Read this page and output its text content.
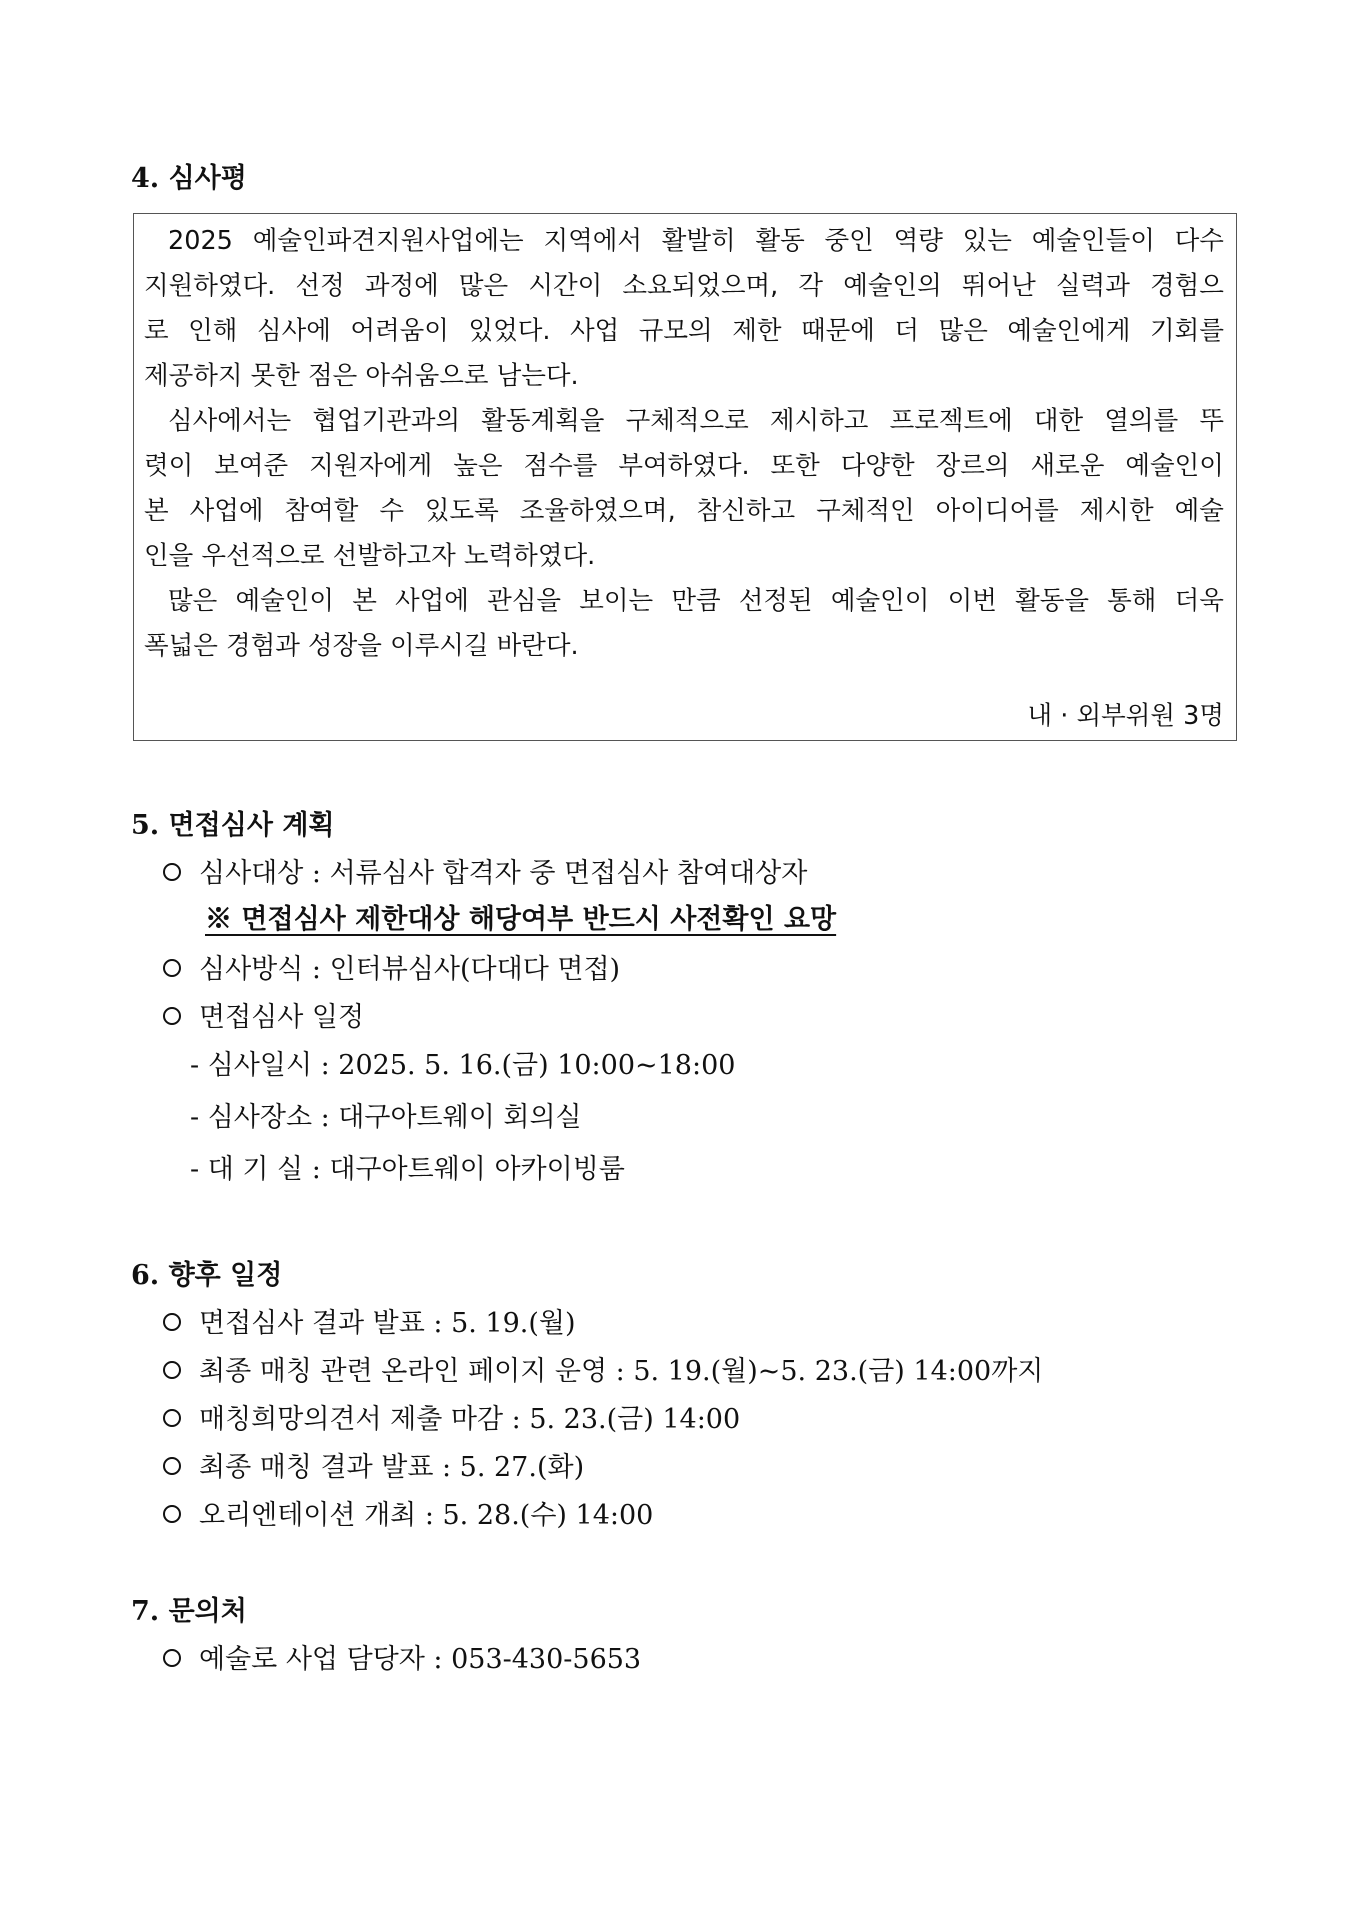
4. 심사평
2025 예술인파견지원사업에는 지역에서 활발히 활동 중인 역량 있는 예술인들이 다수
지원하였다. 선정 과정에 많은 시간이 소요되었으며, 각 예술인의 뛰어난 실력과 경험으
로 인해 심사에 어려움이 있었다. 사업 규모의 제한 때문에 더 많은 예술인에게 기회를
제공하지 못한 점은 아쉬움으로 남는다.
심사에서는 협업기관과의 활동계획을 구체적으로 제시하고 프로젝트에 대한 열의를 뚜
렷이 보여준 지원자에게 높은 점수를 부여하였다. 또한 다양한 장르의 새로운 예술인이
본 사업에 참여할 수 있도록 조율하였으며, 참신하고 구체적인 아이디어를 제시한 예술
인을 우선적으로 선발하고자 노력하였다.
많은 예술인이 본 사업에 관심을 보이는 만큼 선정된 예술인이 이번 활동을 통해 더욱
폭넓은 경험과 성장을 이루시길 바란다.

내 · 외부위원 3명

5. 면접심사 계획

심사대상 : 서류심사 합격자 중 면접심사 참여대상자

※ 면접심사 제한대상 해당여부 반드시 사전확인 요망

심사방식 : 인터뷰심사(다대다 면접)

면접심사 일정

- 심사일시 : 2025. 5. 16.(금) 10:00~18:00

- 심사장소 : 대구아트웨이 회의실

- 대 기 실 : 대구아트웨이 아카이빙룸

6. 향후 일정

면접심사 결과 발표 : 5. 19.(월)

최종 매칭 관련 온라인 페이지 운영 : 5. 19.(월)~5. 23.(금) 14:00까지

매칭희망의견서 제출 마감 : 5. 23.(금) 14:00

최종 매칭 결과 발표 : 5. 27.(화)

오리엔테이션 개최 : 5. 28.(수) 14:00

7. 문의처

예술로 사업 담당자 : 053-430-5653
